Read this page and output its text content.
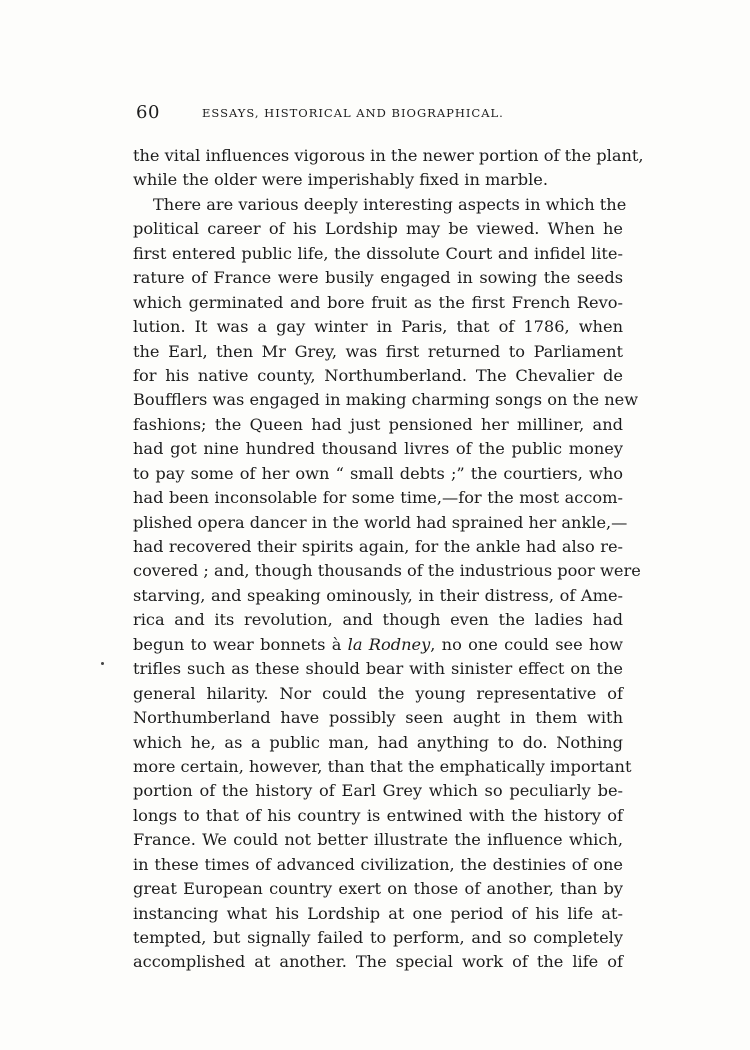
60	ESSAYS, HISTORICAL AND BIOGRAPHICAL.
the vital influences vigorous in the newer portion of the plant,
while the older were imperishably fixed in marble.
There are various deeply interesting aspects in which the
political career of his Lordship may be viewed. When he
first entered public life, the dissolute Court and infidel lite-
rature of France were busily engaged in sowing the seeds
which germinated and bore fruit as the first French Revo-
lution. It was a gay winter in Paris, that of 1786, when
the Earl, then Mr Grey, was first returned to Parliament
for his native county, Northumberland. The Chevalier de
Boufflers was engaged in making charming songs on the new
fashions; the Queen had just pensioned her milliner, and
had got nine hundred thousand livres of the public money
to pay some of her own “ small debts ;” the courtiers, who
had been inconsolable for some time,—for the most accom-
plished opera dancer in the world had sprained her ankle,—
had recovered their spirits again, for the ankle had also re-
covered ; and, though thousands of the industrious poor were
starving, and speaking ominously, in their distress, of Ame-
rica and its revolution, and though even the ladies had
begun to wear bonnets à la Rodney, no one could see how
trifles such as these should bear with sinister effect on the
general hilarity. Nor could the young representative of
Northumberland have possibly seen aught in them with
which he, as a public man, had anything to do. Nothing
more certain, however, than that the emphatically important
portion of the history of Earl Grey which so peculiarly be-
longs to that of his country is entwined with the history of
France. We could not better illustrate the influence which,
in these times of advanced civilization, the destinies of one
great European country exert on those of another, than by
instancing what his Lordship at one period of his life at-
tempted, but signally failed to perform, and so completely
accomplished at another. The special work of the life of
